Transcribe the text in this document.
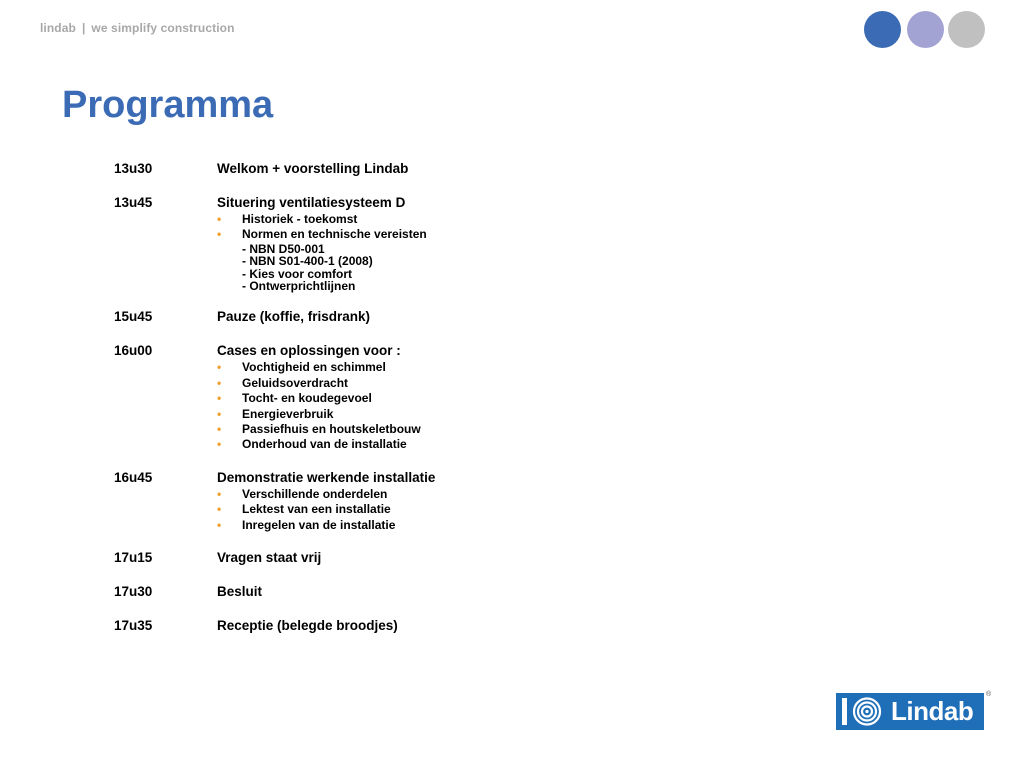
lindab | we simplify construction
Programma
13u30	Welkom + voorstelling Lindab
13u45	Situering ventilatiesysteem D
• Historiek - toekomst
• Normen en technische vereisten
- NBN D50-001
- NBN S01-400-1 (2008)
- Kies voor comfort
- Ontwerprichtlijnen
15u45	Pauze (koffie, frisdrank)
16u00	Cases en oplossingen voor :
• Vochtigheid en schimmel
• Geluidsoverdracht
• Tocht- en koudegevoel
• Energieverbruik
• Passiefhuis en houtskeletbouw
• Onderhoud van de installatie
16u45	Demonstratie werkende installatie
• Verschillende onderdelen
• Lektest van een installatie
• Inregelen van de installatie
17u15	Vragen staat vrij
17u30	Besluit
17u35	Receptie (belegde broodjes)
Lindab
®
